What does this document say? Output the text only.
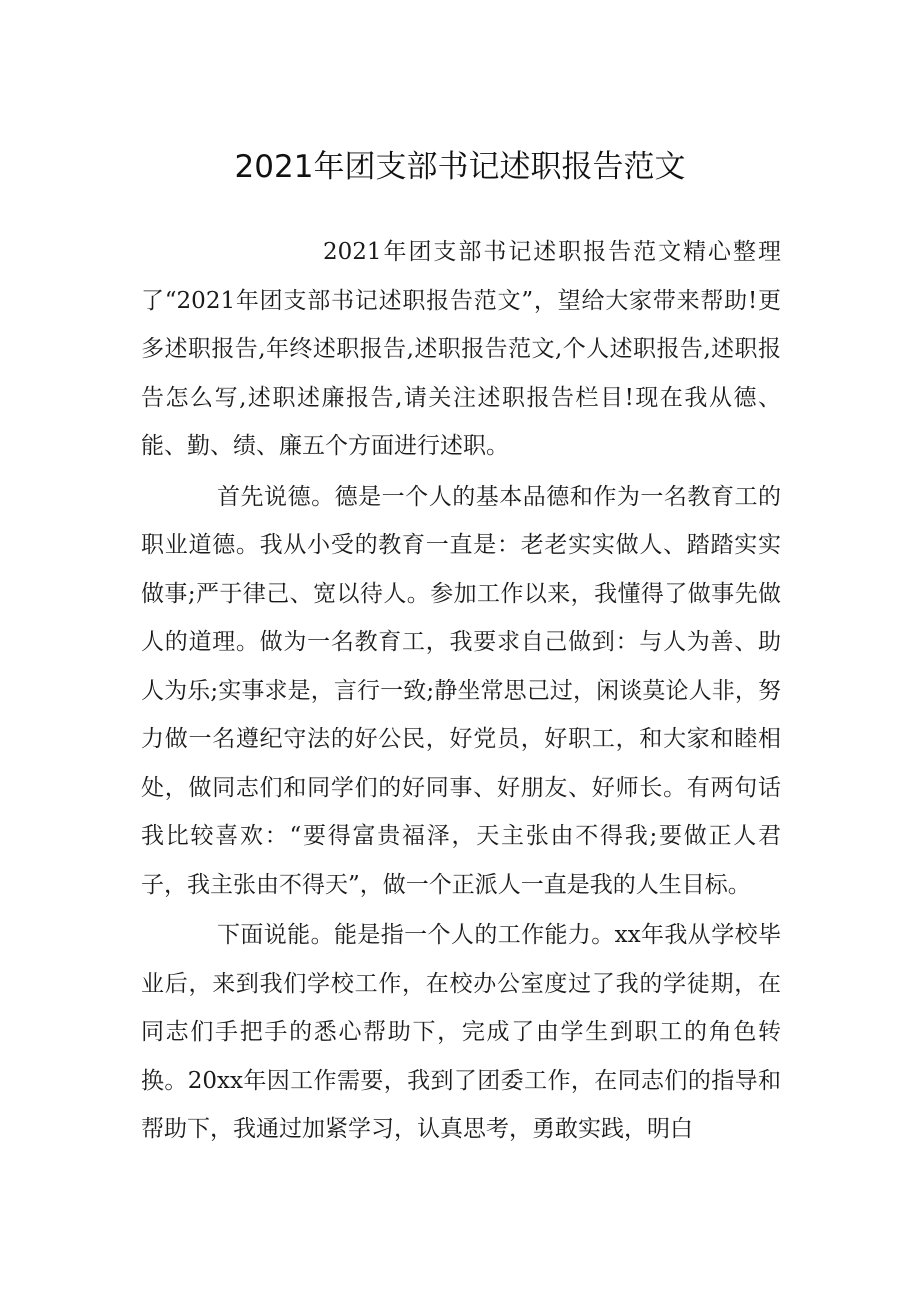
2021年团支部书记述职报告范文

2021年团支部书记述职报告范文精心整理了“2021年团支部书记述职报告范文”，望给大家带来帮助!更多述职报告,年终述职报告,述职报告范文,个人述职报告,述职报告怎么写,述职述廉报告,请关注述职报告栏目!现在我从德、能、勤、绩、廉五个方面进行述职。

首先说德。德是一个人的基本品德和作为一名教育工的职业道德。我从小受的教育一直是：老老实实做人、踏踏实实做事;严于律己、宽以待人。参加工作以来，我懂得了做事先做人的道理。做为一名教育工，我要求自己做到：与人为善、助人为乐;实事求是，言行一致;静坐常思己过，闲谈莫论人非，努力做一名遵纪守法的好公民，好党员，好职工，和大家和睦相处，做同志们和同学们的好同事、好朋友、好师长。有两句话我比较喜欢：“要得富贵福泽，天主张由不得我;要做正人君子，我主张由不得天”，做一个正派人一直是我的人生目标。

下面说能。能是指一个人的工作能力。xx年我从学校毕业后，来到我们学校工作，在校办公室度过了我的学徒期，在同志们手把手的悉心帮助下，完成了由学生到职工的角色转换。20xx年因工作需要，我到了团委工作，在同志们的指导和帮助下，我通过加紧学习，认真思考，勇敢实践，明白
